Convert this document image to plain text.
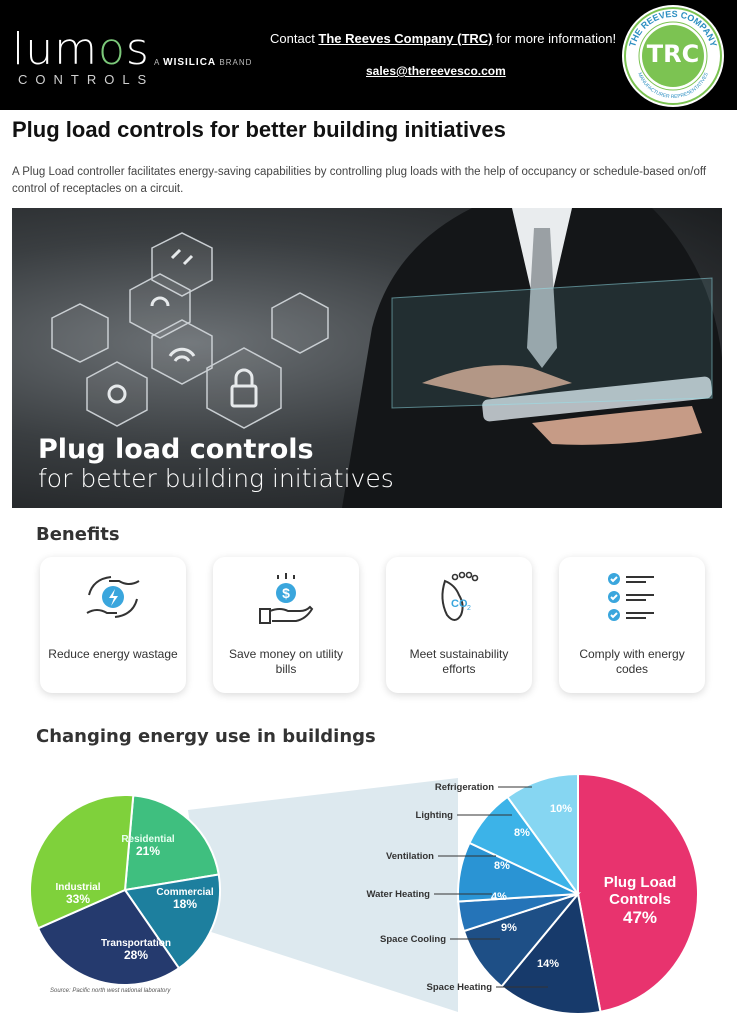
lumos
CONTROLS
A WISILICA BRAND
Contact The Reeves Company (TRC) for more information!
sales@thereevesco.com
THE REEVES COMPANY
MANUFACTURER REPRESENTATIVES
TRC
Plug load controls for better building initiatives

A Plug Load controller facilitates energy-saving capabilities by controlling plug loads with the help of occupancy or schedule-based on/off control of receptacles on a circuit.

Plug load controls
for better building initiatives
Benefits
Reduce energy wastage
$
Save money on utility bills
CO 2
Meet sustainability efforts
Comply with energy codes
Changing energy use in buildings
Residential
21%
Commercial
18%
Transportation
28%
Industrial
33%
Source: Pacific north west national laboratory
Plug Load
Controls
47%
14%
9%
4%
8%
8%
10%
Space Heating
Space Cooling
Water Heating
Ventilation
Lighting
Refrigeration
